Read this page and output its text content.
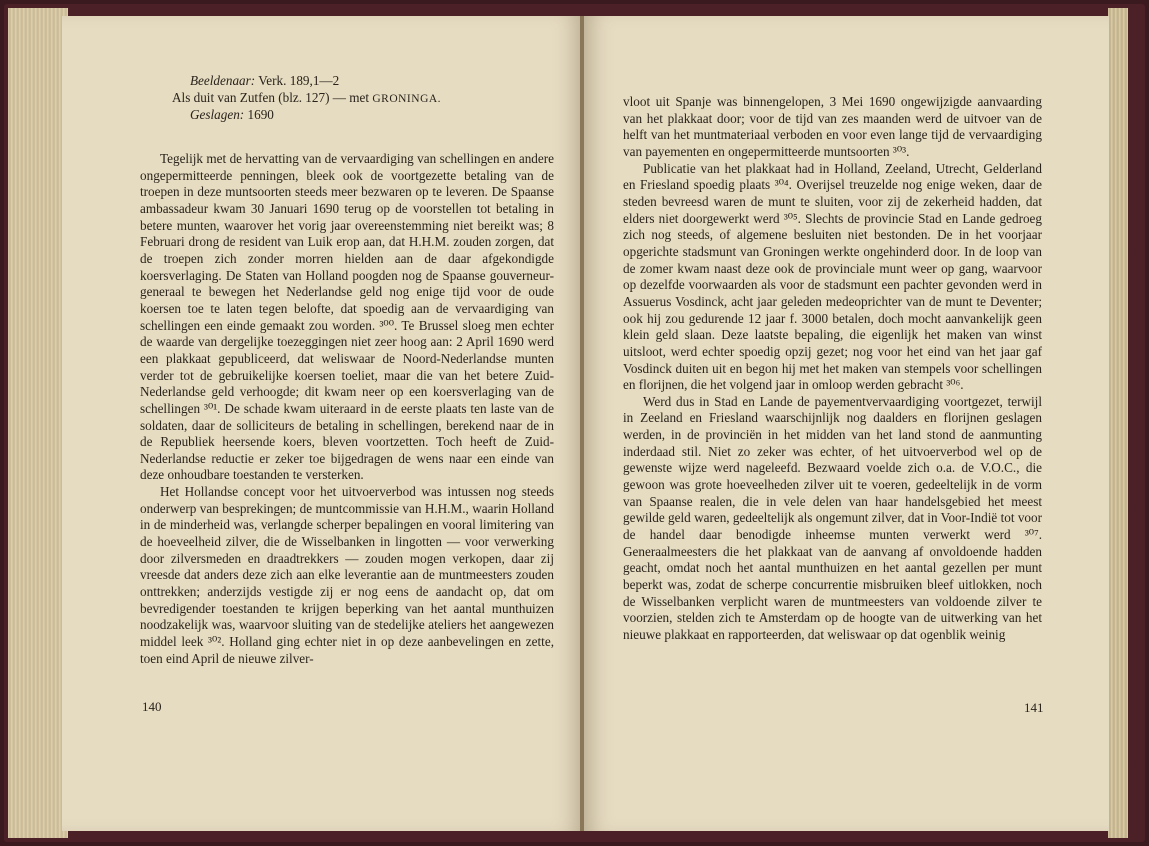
Beeldenaar: Verk. 189,1—2
Als duit van Zutfen (blz. 127) — met GRONINGA.
Geslagen: 1690

Tegelijk met de hervatting van de vervaardiging van schellingen en andere ongepermitteerde penningen, bleek ook de voortgezette betaling van de troepen in deze muntsoorten steeds meer bezwaren op te leveren. De Spaanse ambassadeur kwam 30 Januari 1690 terug op de voorstellen tot betaling in betere munten, waarover het vorig jaar overeenstemming niet bereikt was; 8 Februari drong de resident van Luik erop aan, dat H.H.M. zouden zorgen, dat de troepen zich zonder morren hielden aan de daar afgekondigde koersverlaging. De Staten van Holland poogden nog de Spaanse gouverneur-generaal te bewegen het Nederlandse geld nog enige tijd voor de oude koersen toe te laten tegen belofte, dat spoedig aan de vervaardiging van schellingen een einde gemaakt zou worden. ³⁰⁰. Te Brussel sloeg men echter de waarde van dergelijke toezeggingen niet zeer hoog aan: 2 April 1690 werd een plakkaat gepubliceerd, dat weliswaar de Noord-Nederlandse munten verder tot de gebruikelijke koersen toeliet, maar die van het betere Zuid-Nederlandse geld verhoogde; dit kwam neer op een koersverlaging van de schellingen ³⁰¹. De schade kwam uiteraard in de eerste plaats ten laste van de soldaten, daar de solliciteurs de betaling in schellingen, berekend naar de in de Republiek heersende koers, bleven voortzetten. Toch heeft de Zuid-Nederlandse reductie er zeker toe bijgedragen de wens naar een einde van deze onhoudbare toestanden te versterken.

Het Hollandse concept voor het uitvoerverbod was intussen nog steeds onderwerp van besprekingen; de muntcommissie van H.H.M., waarin Holland in de minderheid was, verlangde scherper bepalingen en vooral limitering van de hoeveelheid zilver, die de Wisselbanken in lingotten — voor verwerking door zilversmeden en draadtrekkers — zouden mogen verkopen, daar zij vreesde dat anders deze zich aan elke leverantie aan de muntmeesters zouden onttrekken; anderzijds vestigde zij er nog eens de aandacht op, dat om bevredigender toestanden te krijgen beperking van het aantal munthuizen noodzakelijk was, waarvoor sluiting van de stedelijke ateliers het aangewezen middel leek ³⁰². Holland ging echter niet in op deze aanbevelingen en zette, toen eind April de nieuwe zilver-

140

vloot uit Spanje was binnengelopen, 3 Mei 1690 ongewijzigde aanvaarding van het plakkaat door; voor de tijd van zes maanden werd de uitvoer van de helft van het muntmateriaal verboden en voor even lange tijd de vervaardiging van payementen en ongepermitteerde muntsoorten ³⁰³.

Publicatie van het plakkaat had in Holland, Zeeland, Utrecht, Gelderland en Friesland spoedig plaats ³⁰⁴. Overijsel treuzelde nog enige weken, daar de steden bevreesd waren de munt te sluiten, voor zij de zekerheid hadden, dat elders niet doorgewerkt werd ³⁰⁵. Slechts de provincie Stad en Lande gedroeg zich nog steeds, of algemene besluiten niet bestonden. De in het voorjaar opgerichte stadsmunt van Groningen werkte ongehinderd door. In de loop van de zomer kwam naast deze ook de provinciale munt weer op gang, waarvoor op dezelfde voorwaarden als voor de stadsmunt een pachter gevonden werd in Assuerus Vosdinck, acht jaar geleden medeoprichter van de munt te Deventer; ook hij zou gedurende 12 jaar f. 3000 betalen, doch mocht aanvankelijk geen klein geld slaan. Deze laatste bepaling, die eigenlijk het maken van winst uitsloot, werd echter spoedig opzij gezet; nog voor het eind van het jaar gaf Vosdinck duiten uit en begon hij met het maken van stempels voor schellingen en florijnen, die het volgend jaar in omloop werden gebracht ³⁰⁶.

Werd dus in Stad en Lande de payementvervaardiging voortgezet, terwijl in Zeeland en Friesland waarschijnlijk nog daalders en florijnen geslagen werden, in de provinciën in het midden van het land stond de aanmunting inderdaad stil. Niet zo zeker was echter, of het uitvoerverbod wel op de gewenste wijze werd nageleefd. Bezwaard voelde zich o.a. de V.O.C., die gewoon was grote hoeveelheden zilver uit te voeren, gedeeltelijk in de vorm van Spaanse realen, die in vele delen van haar handelsgebied het meest gewilde geld waren, gedeeltelijk als ongemunt zilver, dat in Voor-Indië tot voor de handel daar benodigde inheemse munten verwerkt werd ³⁰⁷. Generaalmeesters die het plakkaat van de aanvang af onvoldoende hadden geacht, omdat noch het aantal munthuizen en het aantal gezellen per munt beperkt was, zodat de scherpe concurrentie misbruiken bleef uitlokken, noch de Wisselbanken verplicht waren de muntmeesters van voldoende zilver te voorzien, stelden zich te Amsterdam op de hoogte van de uitwerking van het nieuwe plakkaat en rapporteerden, dat weliswaar op dat ogenblik weinig

141
